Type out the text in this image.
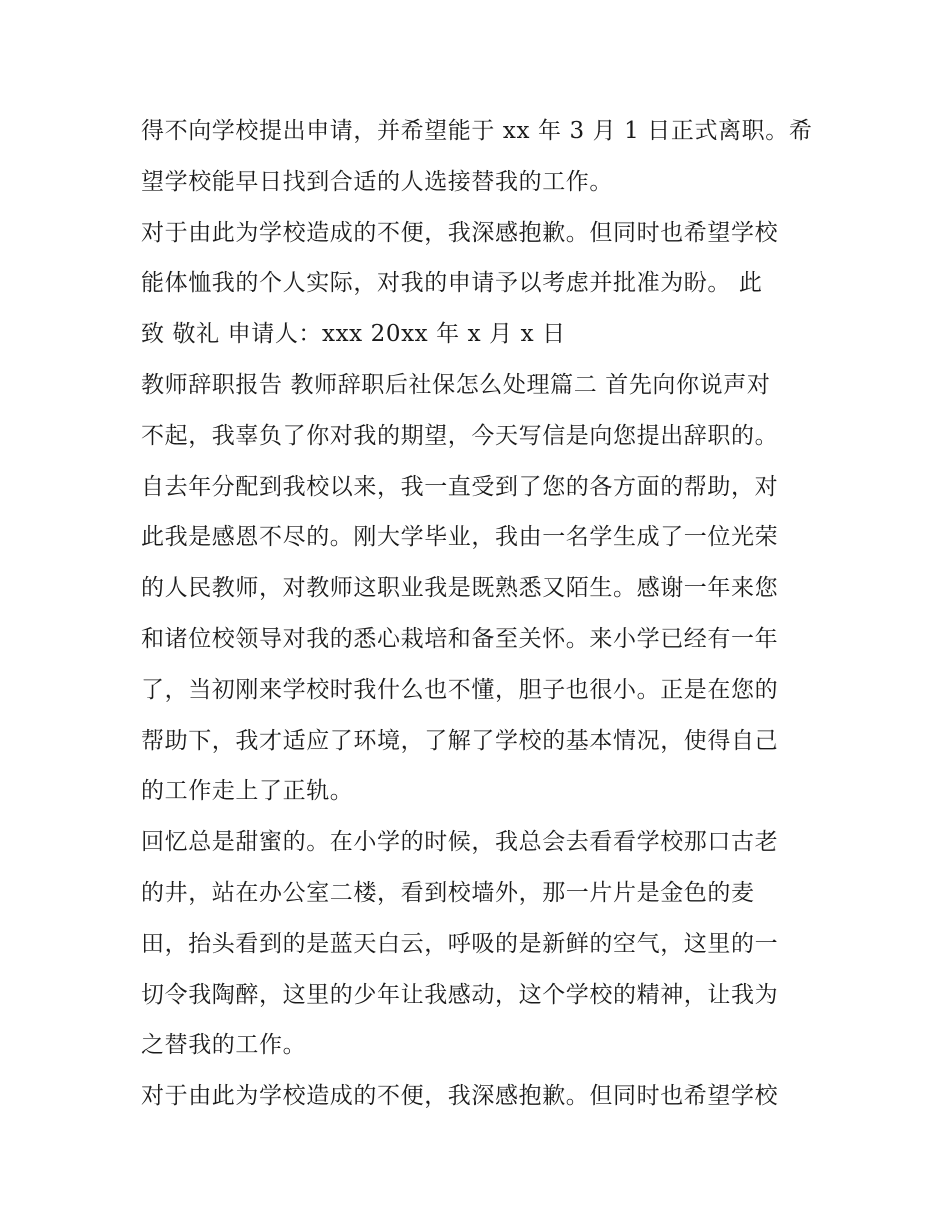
得不向学校提出申请，并希望能于 xx 年 3 月 1 日正式离职。希
望学校能早日找到合适的人选接替我的工作。
对于由此为学校造成的不便，我深感抱歉。但同时也希望学校
能体恤我的个人实际，对我的申请予以考虑并批准为盼。 此
致 敬礼 申请人：xxx 20xx 年 x 月 x 日
教师辞职报告 教师辞职后社保怎么处理篇二 首先向你说声对
不起，我辜负了你对我的期望，今天写信是向您提出辞职的。
自去年分配到我校以来，我一直受到了您的各方面的帮助，对
此我是感恩不尽的。刚大学毕业，我由一名学生成了一位光荣
的人民教师，对教师这职业我是既熟悉又陌生。感谢一年来您
和诸位校领导对我的悉心栽培和备至关怀。来小学已经有一年
了，当初刚来学校时我什么也不懂，胆子也很小。正是在您的
帮助下，我才适应了环境，了解了学校的基本情况，使得自己
的工作走上了正轨。
回忆总是甜蜜的。在小学的时候，我总会去看看学校那口古老
的井，站在办公室二楼，看到校墙外，那一片片是金色的麦
田，抬头看到的是蓝天白云，呼吸的是新鲜的空气，这里的一
切令我陶醉，这里的少年让我感动，这个学校的精神，让我为
之替我的工作。
对于由此为学校造成的不便，我深感抱歉。但同时也希望学校
